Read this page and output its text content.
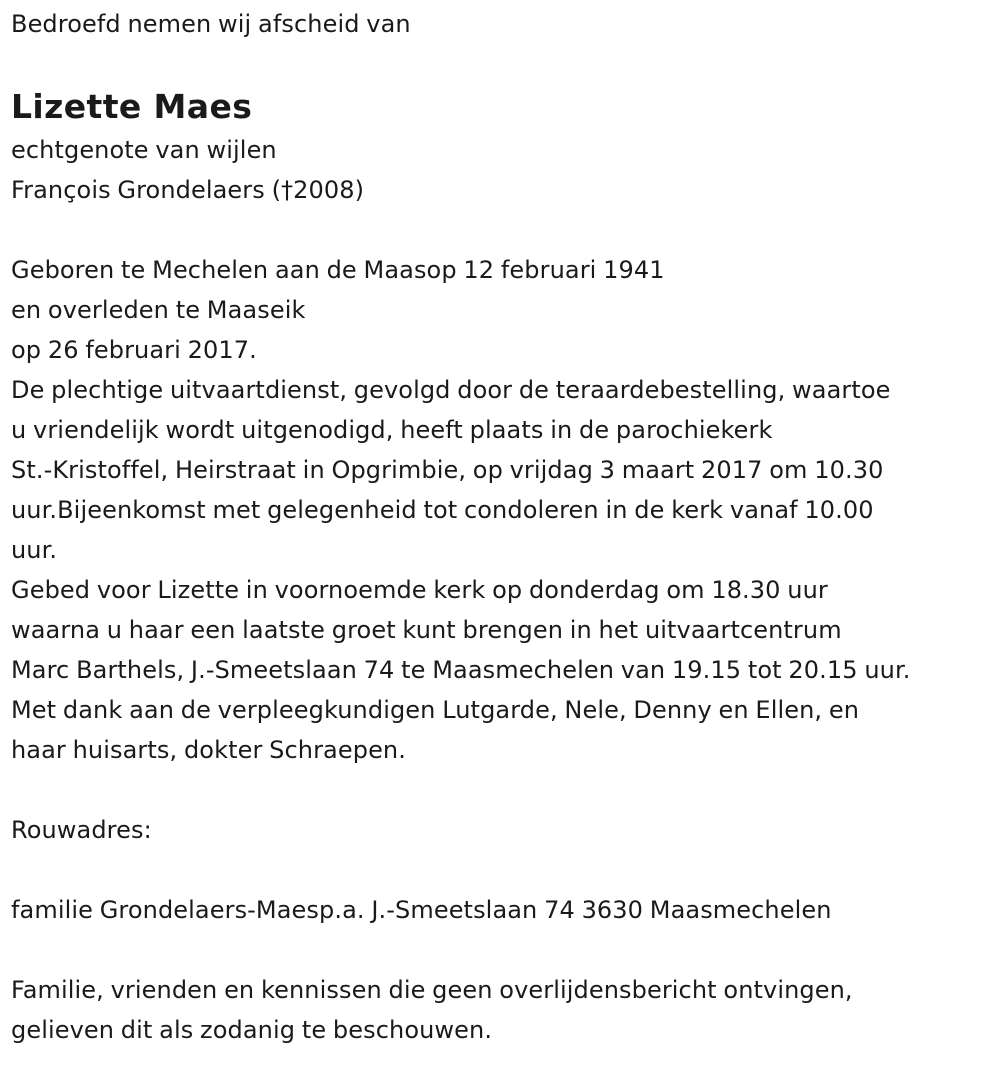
Bedroefd nemen wij afscheid van
Lizette Maes
echtgenote van wijlen
François Grondelaers (†2008)
Geboren te Mechelen aan de Maasop 12 februari 1941
en overleden te Maaseik
op 26 februari 2017.
De plechtige uitvaartdienst, gevolgd door de teraardebestelling, waartoe
u vriendelijk wordt uitgenodigd, heeft plaats in de parochiekerk
St.-Kristoffel, Heirstraat in Opgrimbie, op vrijdag 3 maart 2017 om 10.30
uur.Bijeenkomst met gelegenheid tot condoleren in de kerk vanaf 10.00
uur.
Gebed voor Lizette in voornoemde kerk op donderdag om 18.30 uur
waarna u haar een laatste groet kunt brengen in het uitvaartcentrum
Marc Barthels, J.-Smeetslaan 74 te Maasmechelen van 19.15 tot 20.15 uur.
Met dank aan de verpleegkundigen Lutgarde, Nele, Denny en Ellen, en
haar huisarts, dokter Schraepen.
Rouwadres:
familie Grondelaers-Maesp.a. J.-Smeetslaan 74 3630 Maasmechelen
Familie, vrienden en kennissen die geen overlijdensbericht ontvingen,
gelieven dit als zodanig te beschouwen.
